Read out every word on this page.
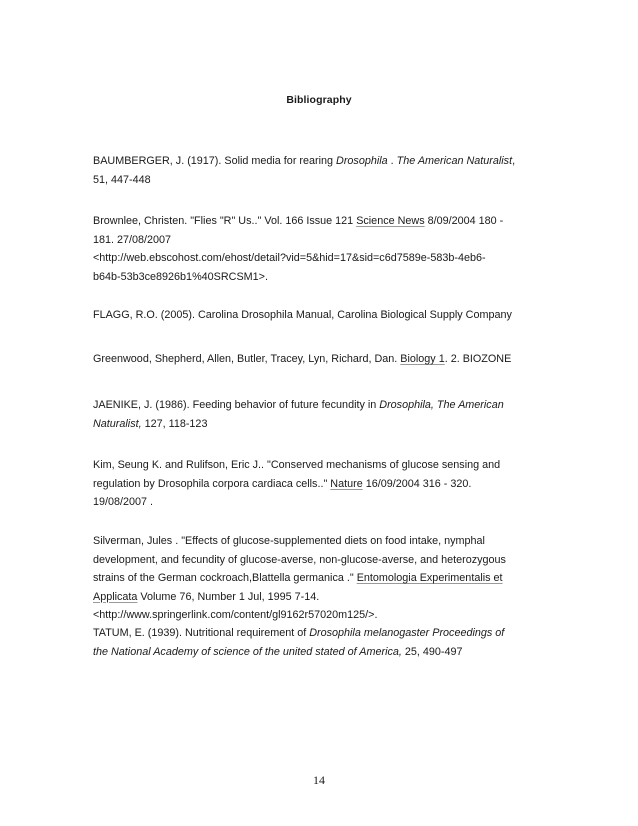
Bibliography
BAUMBERGER, J. (1917). Solid media for rearing Drosophila . The American Naturalist,
51, 447-448
Brownlee, Christen. "Flies "R" Us.." Vol. 166 Issue 121 Science News 8/09/2004 180 -
181. 27/08/2007
<http://web.ebscohost.com/ehost/detail?vid=5&hid=17&sid=c6d7589e-583b-4eb6-
b64b-53b3ce8926b1%40SRCSM1>.
FLAGG, R.O. (2005). Carolina Drosophila Manual, Carolina Biological Supply Company
Greenwood, Shepherd, Allen, Butler, Tracey, Lyn, Richard, Dan. Biology 1. 2. BIOZONE
JAENIKE, J. (1986). Feeding behavior of future fecundity in Drosophila, The American
Naturalist, 127, 118-123
Kim, Seung K. and Rulifson, Eric J.. "Conserved mechanisms of glucose sensing and
regulation by Drosophila corpora cardiaca cells.." Nature 16/09/2004 316 - 320.
19/08/2007 .
Silverman, Jules . "Effects of glucose-supplemented diets on food intake, nymphal
development, and fecundity of glucose-averse, non-glucose-averse, and heterozygous
strains of the German cockroach,Blattella germanica ." Entomologia Experimentalis et
Applicata Volume 76, Number 1 Jul, 1995 7-14.
<http://www.springerlink.com/content/gl9162r57020m125/>.
TATUM, E. (1939). Nutritional requirement of Drosophila melanogaster Proceedings of
the National Academy of science of the united stated of America, 25, 490-497
14
